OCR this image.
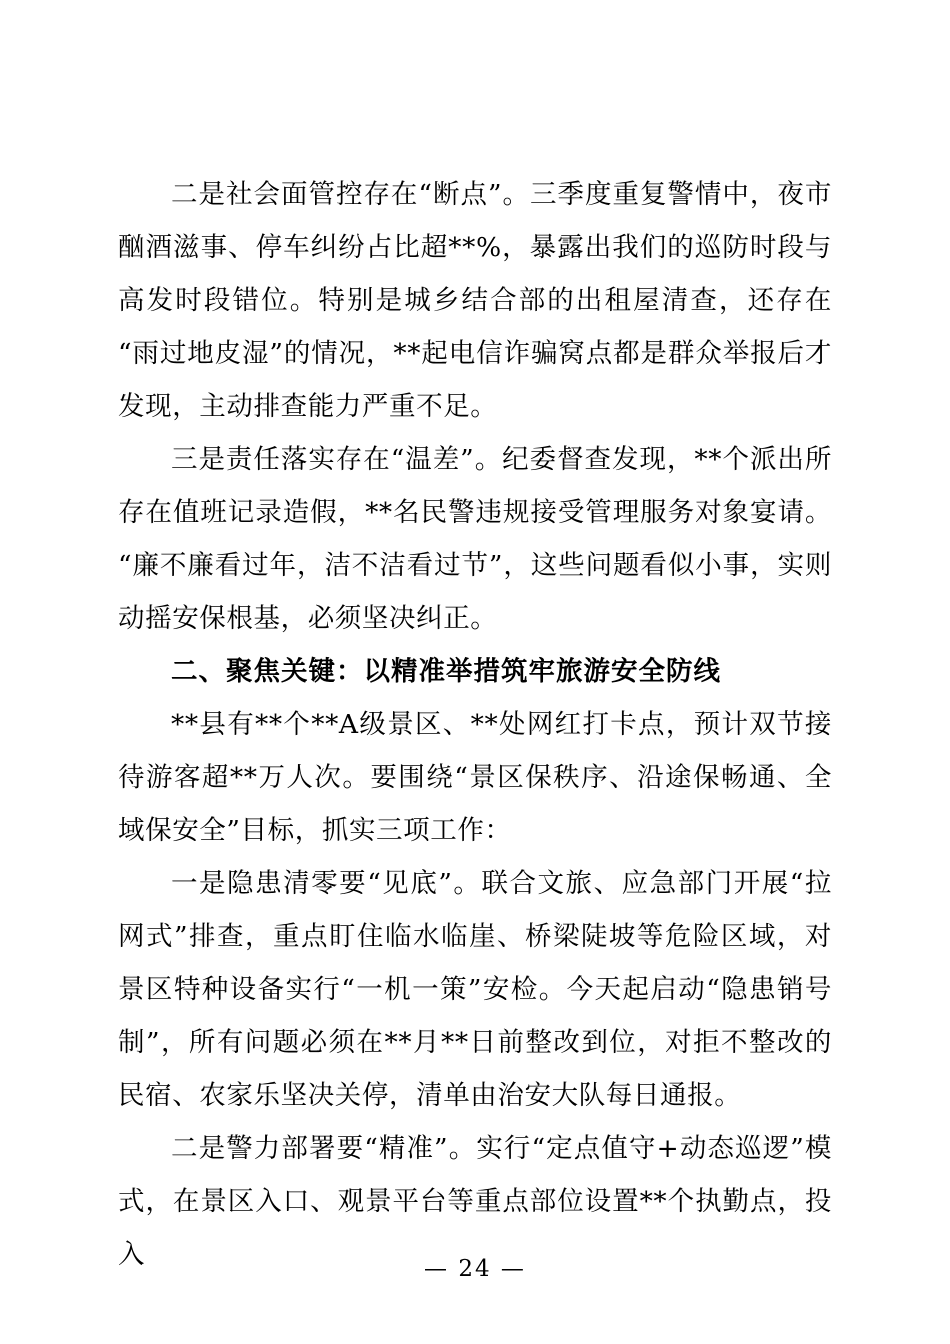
二是社会面管控存在“断点”。三季度重复警情中，夜市酗酒滋事、停车纠纷占比超**%，暴露出我们的巡防时段与高发时段错位。特别是城乡结合部的出租屋清查，还存在“雨过地皮湿”的情况，**起电信诈骗窝点都是群众举报后才发现，主动排查能力严重不足。

三是责任落实存在“温差”。纪委督查发现，**个派出所存在值班记录造假，**名民警违规接受管理服务对象宴请。“廉不廉看过年，洁不洁看过节”，这些问题看似小事，实则动摇安保根基，必须坚决纠正。

二、聚焦关键：以精准举措筑牢旅游安全防线

**县有**个**A级景区、**处网红打卡点，预计双节接待游客超**万人次。要围绕“景区保秩序、沿途保畅通、全域保安全”目标，抓实三项工作：

一是隐患清零要“见底”。联合文旅、应急部门开展“拉网式”排查，重点盯住临水临崖、桥梁陡坡等危险区域，对景区特种设备实行“一机一策”安检。今天起启动“隐患销号制”，所有问题必须在**月**日前整改到位，对拒不整改的民宿、农家乐坚决关停，清单由治安大队每日通报。

二是警力部署要“精准”。实行“定点值守+动态巡逻”模式，在景区入口、观景平台等重点部位设置**个执勤点，投入	— 24 —
